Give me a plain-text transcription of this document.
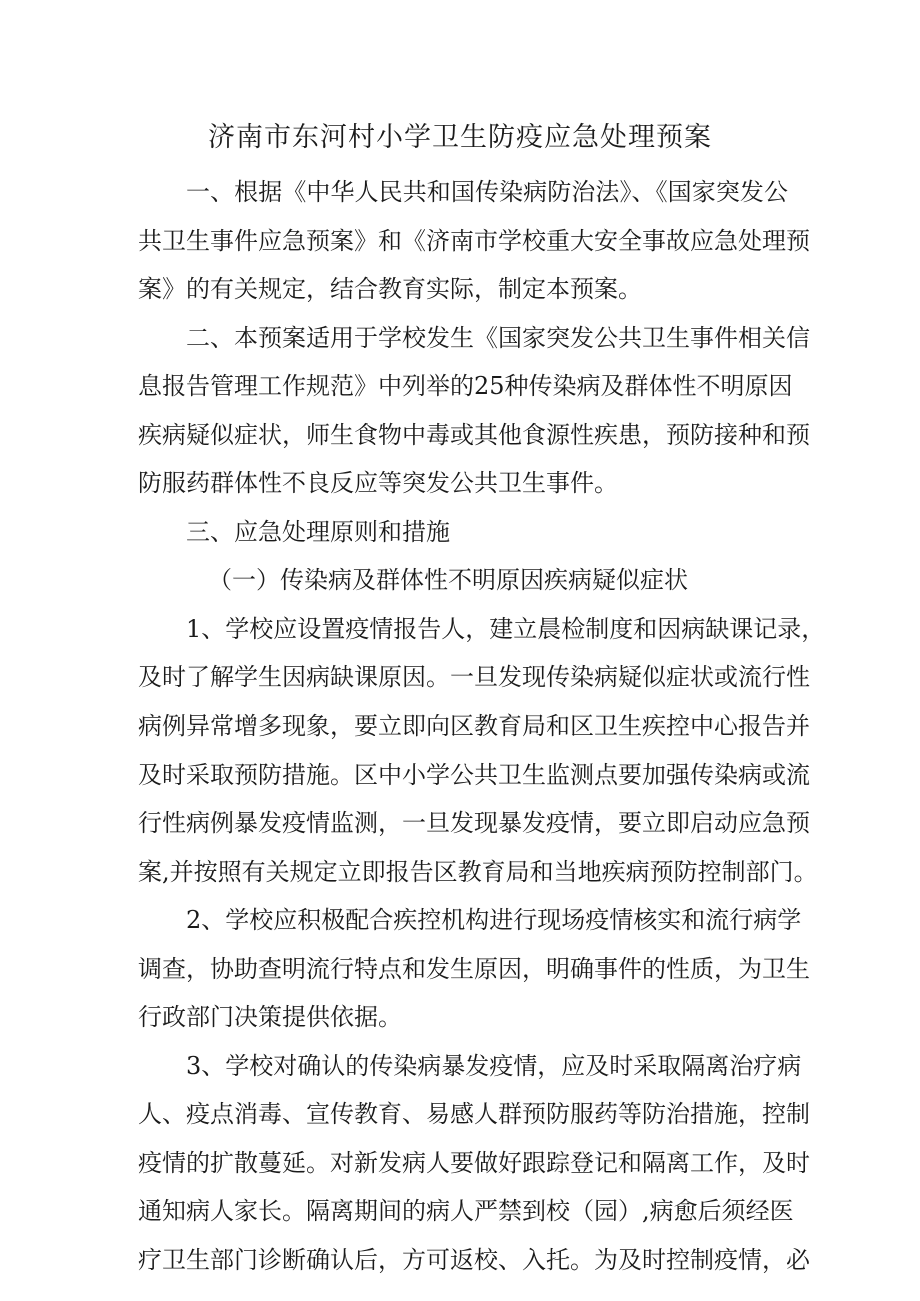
济南市东河村小学卫生防疫应急处理预案
一、根据《中华人民共和国传染病防治法》、《国家突发公
共卫生事件应急预案》和《济南市学校重大安全事故应急处理预
案》的有关规定，结合教育实际，制定本预案。
二、本预案适用于学校发生《国家突发公共卫生事件相关信
息报告管理工作规范》中列举的25种传染病及群体性不明原因
疾病疑似症状，师生食物中毒或其他食源性疾患，预防接种和预
防服药群体性不良反应等突发公共卫生事件。
三、应急处理原则和措施
（一）传染病及群体性不明原因疾病疑似症状
1、学校应设置疫情报告人，建立晨检制度和因病缺课记录，
及时了解学生因病缺课原因。一旦发现传染病疑似症状或流行性
病例异常增多现象，要立即向区教育局和区卫生疾控中心报告并
及时采取预防措施。区中小学公共卫生监测点要加强传染病或流
行性病例暴发疫情监测，一旦发现暴发疫情，要立即启动应急预
案,并按照有关规定立即报告区教育局和当地疾病预防控制部门。
2、学校应积极配合疾控机构进行现场疫情核实和流行病学
调查，协助查明流行特点和发生原因，明确事件的性质，为卫生
行政部门决策提供依据。
3、学校对确认的传染病暴发疫情，应及时采取隔离治疗病
人、疫点消毒、宣传教育、易感人群预防服药等防治措施，控制
疫情的扩散蔓延。对新发病人要做好跟踪登记和隔离工作，及时
通知病人家长。隔离期间的病人严禁到校（园）,病愈后须经医
疗卫生部门诊断确认后，方可返校、入托。为及时控制疫情，必
